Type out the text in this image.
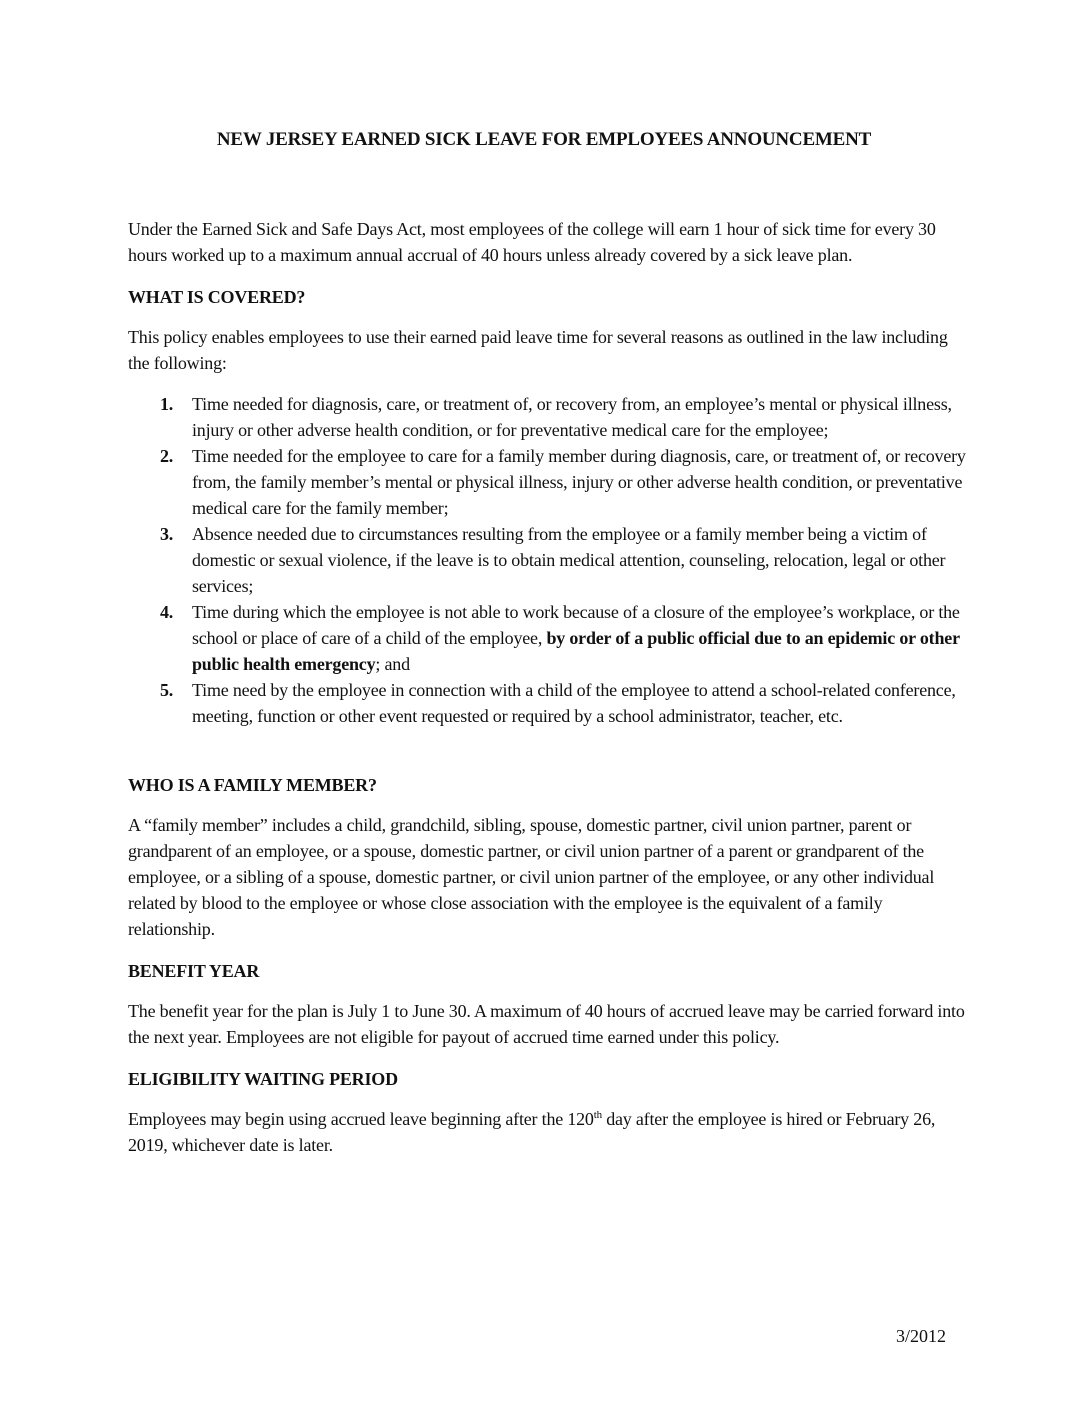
NEW JERSEY EARNED SICK LEAVE FOR EMPLOYEES ANNOUNCEMENT

Under the Earned Sick and Safe Days Act, most employees of the college will earn 1 hour of sick time for every 30 hours worked up to a maximum annual accrual of 40 hours unless already covered by a sick leave plan.

WHAT IS COVERED?

This policy enables employees to use their earned paid leave time for several reasons as outlined in the law including the following:

1. Time needed for diagnosis, care, or treatment of, or recovery from, an employee’s mental or physical illness, injury or other adverse health condition, or for preventative medical care for the employee;
2. Time needed for the employee to care for a family member during diagnosis, care, or treatment of, or recovery from, the family member’s mental or physical illness, injury or other adverse health condition, or preventative medical care for the family member;
3. Absence needed due to circumstances resulting from the employee or a family member being a victim of domestic or sexual violence, if the leave is to obtain medical attention, counseling, relocation, legal or other services;
4. Time during which the employee is not able to work because of a closure of the employee’s workplace, or the school or place of care of a child of the employee, by order of a public official due to an epidemic or other public health emergency; and
5. Time need by the employee in connection with a child of the employee to attend a school-related conference, meeting, function or other event requested or required by a school administrator, teacher, etc.
WHO IS A FAMILY MEMBER?

A “family member” includes a child, grandchild, sibling, spouse, domestic partner, civil union partner, parent or grandparent of an employee, or a spouse, domestic partner, or civil union partner of a parent or grandparent of the employee, or a sibling of a spouse, domestic partner, or civil union partner of the employee, or any other individual related by blood to the employee or whose close association with the employee is the equivalent of a family relationship.

BENEFIT YEAR

The benefit year for the plan is July 1 to June 30. A maximum of 40 hours of accrued leave may be carried forward into the next year. Employees are not eligible for payout of accrued time earned under this policy.

ELIGIBILITY WAITING PERIOD

Employees may begin using accrued leave beginning after the 120th day after the employee is hired or February 26, 2019, whichever date is later.

3/2012
